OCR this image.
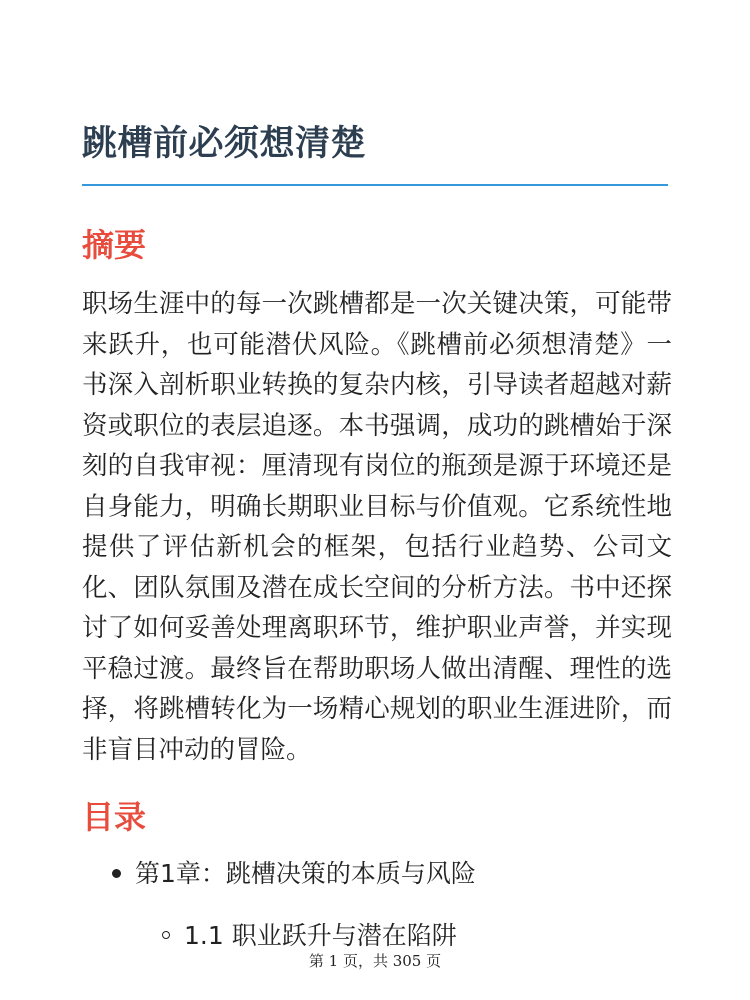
跳槽前必须想清楚
摘要

职场生涯中的每一次跳槽都是一次关键决策，可能带来跃升，也可能潜伏风险。《跳槽前必须想清楚》一书深入剖析职业转换的复杂内核，引导读者超越对薪资或职位的表层追逐。本书强调，成功的跳槽始于深刻的自我审视：厘清现有岗位的瓶颈是源于环境还是自身能力，明确长期职业目标与价值观。它系统性地提供了评估新机会的框架，包括行业趋势、公司文化、团队氛围及潜在成长空间的分析方法。书中还探讨了如何妥善处理离职环节，维护职业声誉，并实现平稳过渡。最终旨在帮助职场人做出清醒、理性的选择，将跳槽转化为一场精心规划的职业生涯进阶，而非盲目冲动的冒险。

目录
第1章：跳槽决策的本质与风险
1.1 职业跃升与潜在陷阱
第 1 页，共 305 页
